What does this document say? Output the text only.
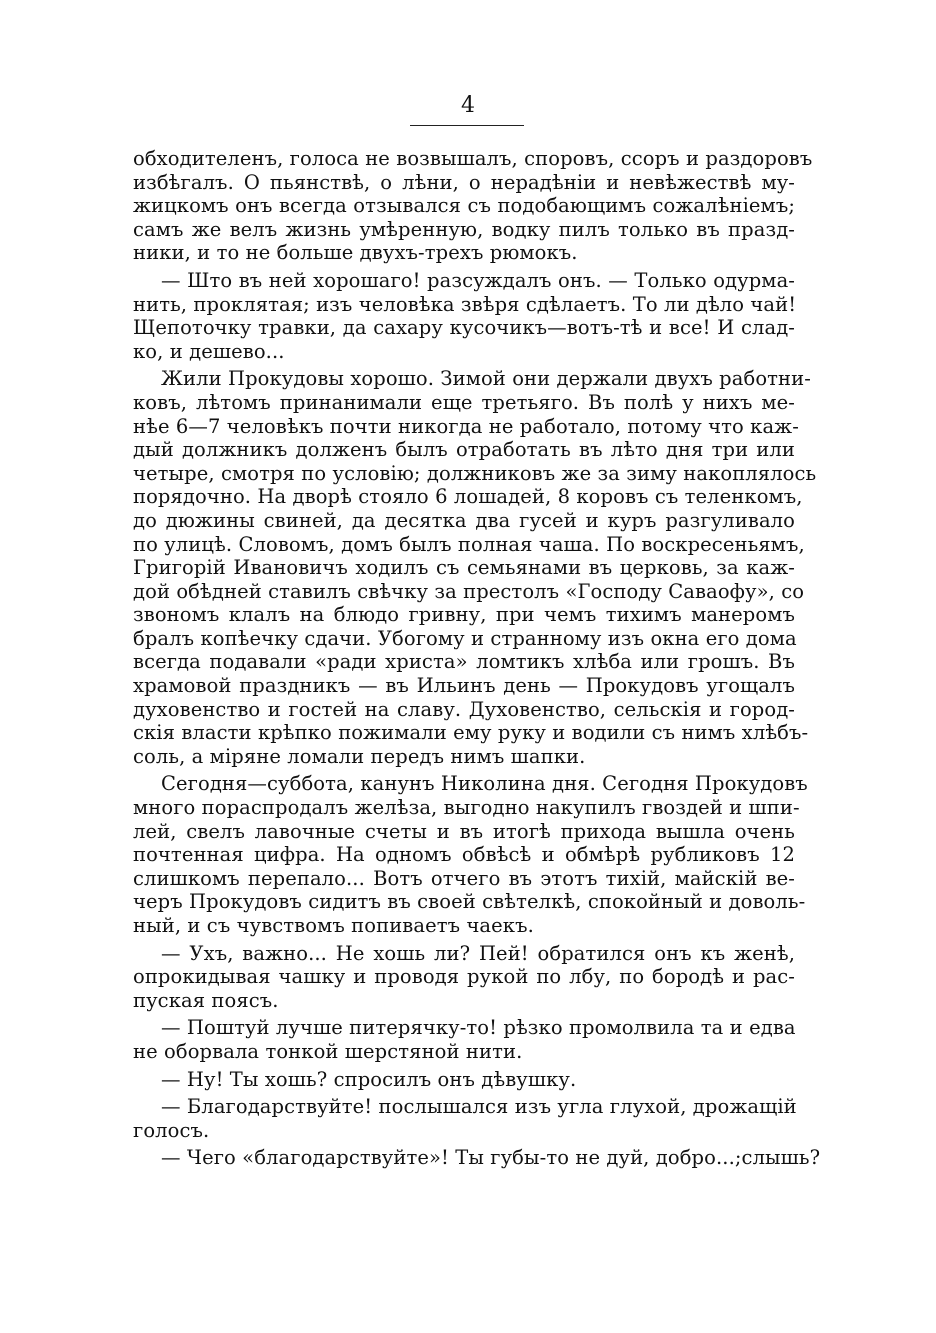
4
обходителенъ, голоса не возвышалъ, споровъ, ссоръ и раздоровъ
избѣгалъ. О пьянствѣ, о лѣни, о нерадѣніи и невѣжествѣ му-
жицкомъ онъ всегда отзывался съ подобающимъ сожалѣніемъ;
самъ же велъ жизнь умѣренную, водку пилъ только въ празд-
ники, и то не больше двухъ-трехъ рюмокъ.
— Што въ ней хорошаго! разсуждалъ онъ. — Только одурма-
нить, проклятая; изъ человѣка звѣря сдѣлаетъ. То ли дѣло чай!
Щепоточку травки, да сахару кусочикъ—вотъ-тѣ и все! И слад-
ко, и дешево...
Жили Прокудовы хорошо. Зимой они держали двухъ работни-
ковъ, лѣтомъ принанимали еще третьяго. Въ полѣ у нихъ ме-
нѣе 6—7 человѣкъ почти никогда не работало, потому что каж-
дый должникъ долженъ былъ отработать въ лѣто дня три или
четыре, смотря по условію; должниковъ же за зиму накоплялось
порядочно. На дворѣ стояло 6 лошадей, 8 коровъ съ теленкомъ,
до дюжины свиней, да десятка два гусей и куръ разгуливало
по улицѣ. Словомъ, домъ былъ полная чаша. По воскресеньямъ,
Григорій Ивановичъ ходилъ съ семьянами въ церковь, за каж-
дой обѣдней ставилъ свѣчку за престолъ «Господу Саваофу», со
звономъ клалъ на блюдо гривну, при чемъ тихимъ манеромъ
бралъ копѣечку сдачи. Убогому и странному изъ окна его дома
всегда подавали «ради христа» ломтикъ хлѣба или грошъ. Въ
храмовой праздникъ — въ Ильинъ день — Прокудовъ угощалъ
духовенство и гостей на славу. Духовенство, сельскія и город-
скія власти крѣпко пожимали ему руку и водили съ нимъ хлѣбъ-
соль, а міряне ломали передъ нимъ шапки.
Сегодня—суббота, канунъ Николина дня. Сегодня Прокудовъ
много пораспродалъ желѣза, выгодно накупилъ гвоздей и шпи-
лей, свелъ лавочные счеты и въ итогѣ прихода вышла очень
почтенная цифра. На одномъ обвѣсѣ и обмѣрѣ рубликовъ 12
слишкомъ перепало... Вотъ отчего въ этотъ тихій, майскій ве-
черъ Прокудовъ сидитъ въ своей свѣтелкѣ, спокойный и доволь-
ный, и съ чувствомъ попиваетъ чаекъ.
— Ухъ, важно... Не хошь ли? Пей! обратился онъ къ женѣ,
опрокидывая чашку и проводя рукой по лбу, по бородѣ и рас-
пуская поясъ.
— Поштуй лучше питерячку-то! рѣзко промолвила та и едва
не оборвала тонкой шерстяной нити.
— Ну! Ты хошь? спросилъ онъ дѣвушку.
— Благодарствуйте! послышался изъ угла глухой, дрожащій
голосъ.
— Чего «благодарствуйте»! Ты губы-то не дуй, добро...;слышь?
